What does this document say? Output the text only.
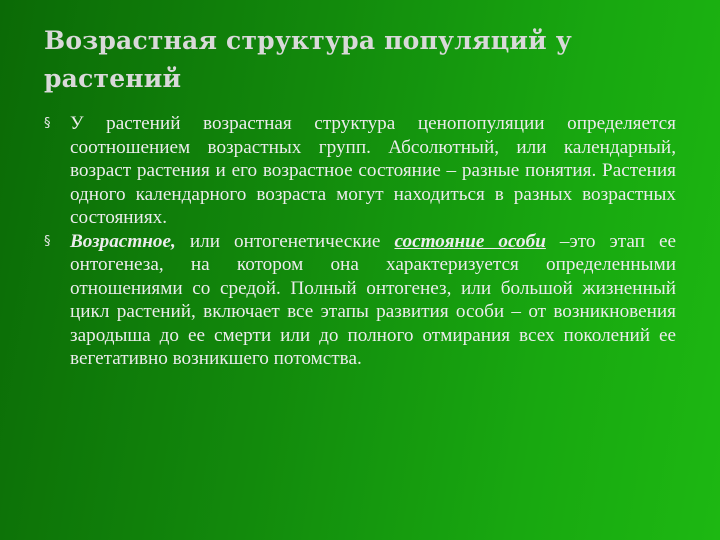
Возрастная структура популяций у растений
§	У растений возрастная структура ценопопуляции определяется соотношением возрастных групп. Абсолютный, или календарный, возраст растения и его возрастное состояние – разные понятия. Растения одного календарного возраста могут находиться в разных возрастных состояниях.
§	Возрастное, или онтогенетические состояние особи –это этап ее онтогенеза, на котором она характеризуется определенными отношениями со средой. Полный онтогенез, или большой жизненный цикл растений, включает все этапы развития особи – от возникновения зародыша до ее смерти или до полного отмирания всех поколений ее вегетативно возникшего потомства.
